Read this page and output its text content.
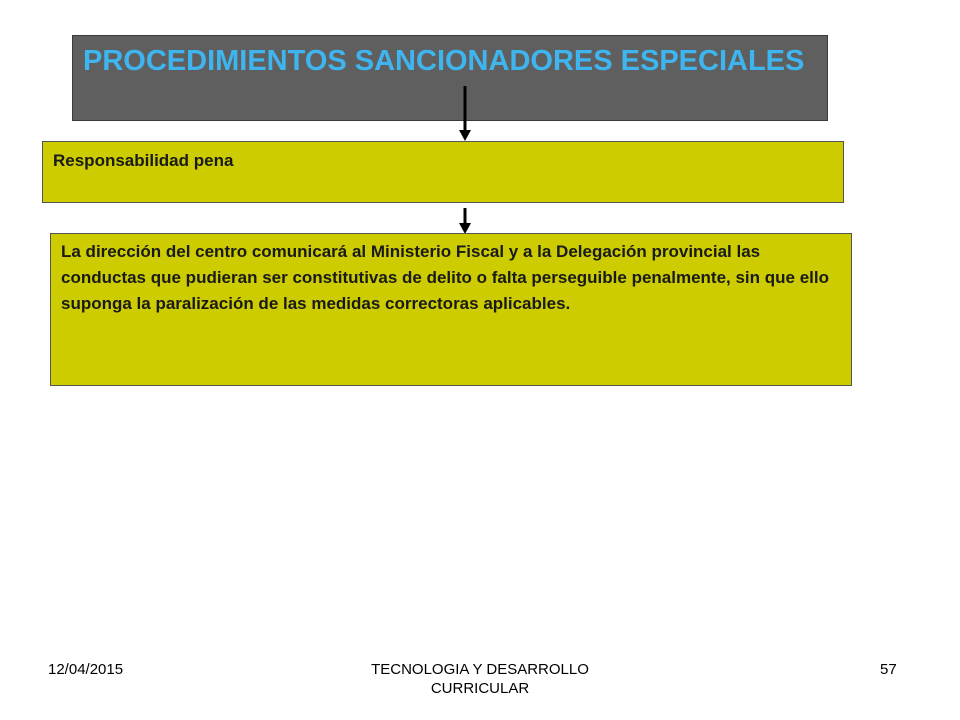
PROCEDIMIENTOS SANCIONADORES ESPECIALES
Responsabilidad pena
La dirección del centro comunicará al Ministerio Fiscal y a la Delegación provincial las conductas que pudieran ser constitutivas de delito o falta perseguible penalmente, sin que ello suponga la paralización de las medidas correctoras aplicables.
12/04/2015	TECNOLOGIA Y DESARROLLO CURRICULAR
57
